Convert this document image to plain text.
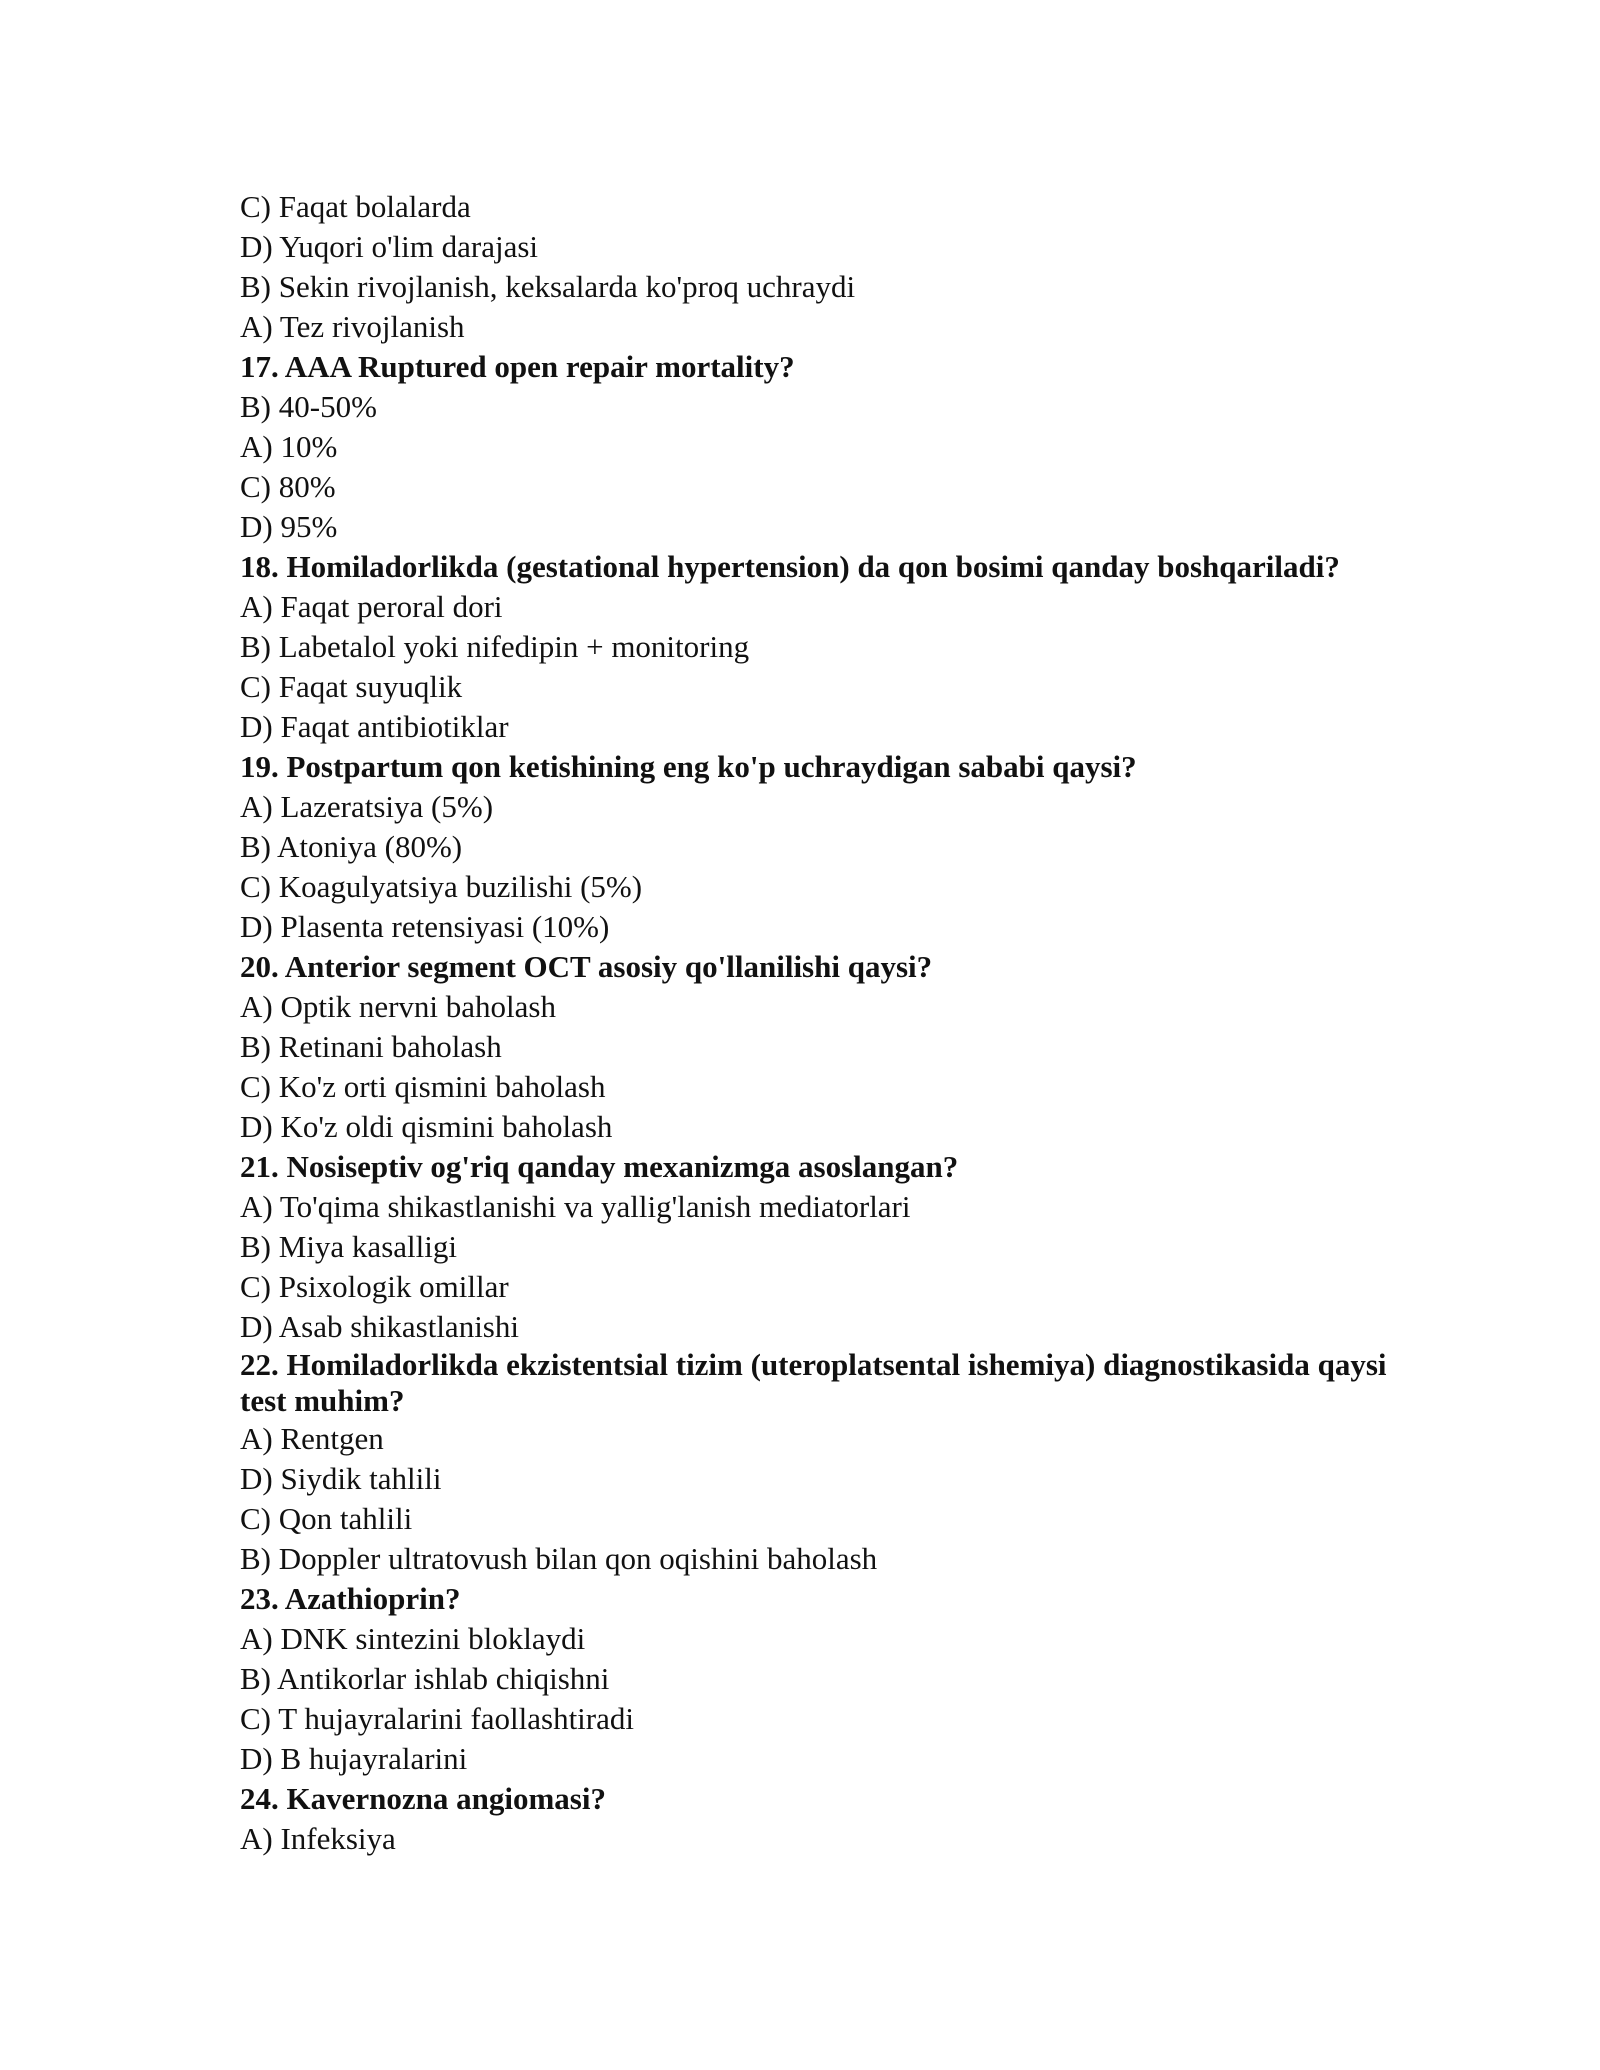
C) Faqat bolalarda
D) Yuqori o'lim darajasi
B) Sekin rivojlanish, keksalarda ko'proq uchraydi
A) Tez rivojlanish
17. AAA Ruptured open repair mortality?
B) 40-50%
A) 10%
C) 80%
D) 95%
18. Homiladorlikda (gestational hypertension) da qon bosimi qanday boshqariladi?
A) Faqat peroral dori
B) Labetalol yoki nifedipin + monitoring
C) Faqat suyuqlik
D) Faqat antibiotiklar
19. Postpartum qon ketishining eng ko'p uchraydigan sababi qaysi?
A) Lazeratsiya (5%)
B) Atoniya (80%)
C) Koagulyatsiya buzilishi (5%)
D) Plasenta retensiyasi (10%)
20. Anterior segment OCT asosiy qo'llanilishi qaysi?
A) Optik nervni baholash
B) Retinani baholash
C) Ko'z orti qismini baholash
D) Ko'z oldi qismini baholash
21. Nosiseptiv og'riq qanday mexanizmga asoslangan?
A) To'qima shikastlanishi va yallig'lanish mediatorlari
B) Miya kasalligi
C) Psixologik omillar
D) Asab shikastlanishi
22. Homiladorlikda ekzistentsial tizim (uteroplatsental ishemiya) diagnostikasida qaysi test muhim?
A) Rentgen
D) Siydik tahlili
C) Qon tahlili
B) Doppler ultratovush bilan qon oqishini baholash
23. Azathioprin?
A) DNK sintezini bloklaydi
B) Antikorlar ishlab chiqishni
C) T hujayralarini faollashtiradi
D) B hujayralarini
24. Kavernozna angiomasi?
A) Infeksiya
